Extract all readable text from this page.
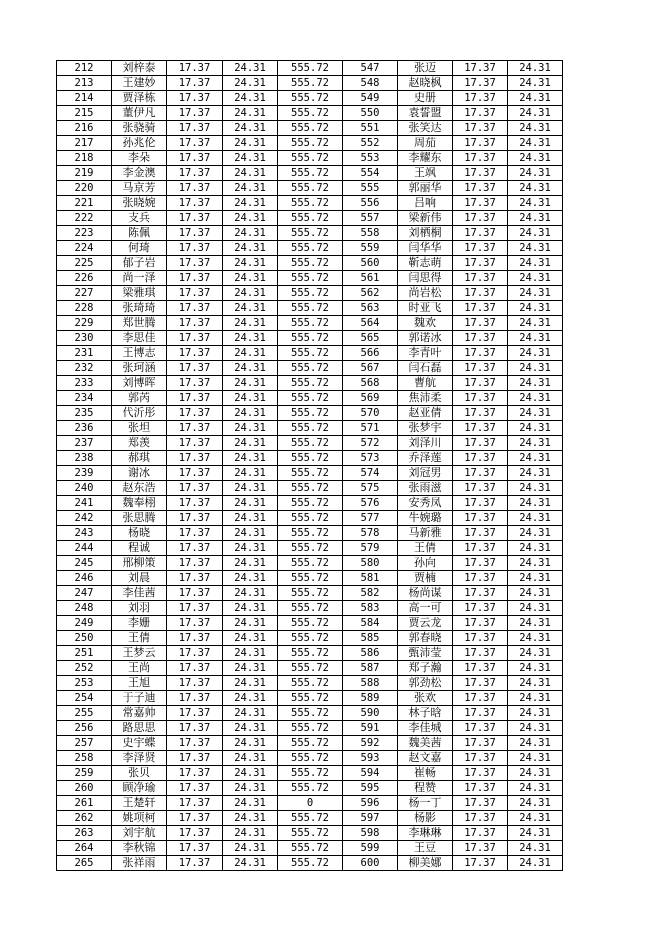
212	刘梓泰	17.37	24.31	555.72	547	张迈	17.37	24.31
213	王建妙	17.37	24.31	555.72	548	赵晓枫	17.37	24.31
214	贾泽栋	17.37	24.31	555.72	549	史册	17.37	24.31
215	董伊凡	17.37	24.31	555.72	550	袁誓盟	17.37	24.31
216	张骁骑	17.37	24.31	555.72	551	张笑达	17.37	24.31
217	孙兆伦	17.37	24.31	555.72	552	周茄	17.37	24.31
218	李朵	17.37	24.31	555.72	553	李耀东	17.37	24.31
219	李金澳	17.37	24.31	555.72	554	王飒	17.37	24.31
220	马京芳	17.37	24.31	555.72	555	郭丽华	17.37	24.31
221	张晓婉	17.37	24.31	555.72	556	吕响	17.37	24.31
222	支兵	17.37	24.31	555.72	557	梁新伟	17.37	24.31
223	陈佩	17.37	24.31	555.72	558	刘栖桐	17.37	24.31
224	何琦	17.37	24.31	555.72	559	闫华华	17.37	24.31
225	郁子岩	17.37	24.31	555.72	560	靳志萌	17.37	24.31
226	尚一泽	17.37	24.31	555.72	561	闫思得	17.37	24.31
227	梁雅琪	17.37	24.31	555.72	562	尚岩松	17.37	24.31
228	张琦琦	17.37	24.31	555.72	563	时亚飞	17.37	24.31
229	郑世腾	17.37	24.31	555.72	564	魏欢	17.37	24.31
230	李思佳	17.37	24.31	555.72	565	郭诺冰	17.37	24.31
231	王博志	17.37	24.31	555.72	566	李青叶	17.37	24.31
232	张珂涵	17.37	24.31	555.72	567	闫石磊	17.37	24.31
233	刘博晖	17.37	24.31	555.72	568	曹航	17.37	24.31
234	郭芮	17.37	24.31	555.72	569	焦沛柔	17.37	24.31
235	代沂彤	17.37	24.31	555.72	570	赵亚倩	17.37	24.31
236	张坦	17.37	24.31	555.72	571	张梦宇	17.37	24.31
237	郑羡	17.37	24.31	555.72	572	刘泽川	17.37	24.31
238	郝琪	17.37	24.31	555.72	573	乔泽莲	17.37	24.31
239	谢冰	17.37	24.31	555.72	574	刘冠男	17.37	24.31
240	赵东浩	17.37	24.31	555.72	575	张雨滋	17.37	24.31
241	魏奉栩	17.37	24.31	555.72	576	安秀凤	17.37	24.31
242	张思腾	17.37	24.31	555.72	577	牛婉璐	17.37	24.31
243	杨晓	17.37	24.31	555.72	578	马新雅	17.37	24.31
244	程诚	17.37	24.31	555.72	579	王倩	17.37	24.31
245	邢柳策	17.37	24.31	555.72	580	孙向	17.37	24.31
246	刘晨	17.37	24.31	555.72	581	贾楠	17.37	24.31
247	李佳茜	17.37	24.31	555.72	582	杨尚谋	17.37	24.31
248	刘羽	17.37	24.31	555.72	583	高一可	17.37	24.31
249	李姗	17.37	24.31	555.72	584	贾云龙	17.37	24.31
250	王倩	17.37	24.31	555.72	585	郭春晓	17.37	24.31
251	王梦云	17.37	24.31	555.72	586	甄沛莹	17.37	24.31
252	王尚	17.37	24.31	555.72	587	郑子瀚	17.37	24.31
253	王旭	17.37	24.31	555.72	588	郭劲松	17.37	24.31
254	于子迪	17.37	24.31	555.72	589	张欢	17.37	24.31
255	常嘉帅	17.37	24.31	555.72	590	林子晗	17.37	24.31
256	路思思	17.37	24.31	555.72	591	李佳城	17.37	24.31
257	史宇蝶	17.37	24.31	555.72	592	魏美茜	17.37	24.31
258	李泽贤	17.37	24.31	555.72	593	赵文嘉	17.37	24.31
259	张贝	17.37	24.31	555.72	594	崔畅	17.37	24.31
260	顾净瑜	17.37	24.31	555.72	595	程赞	17.37	24.31
261	王楚轩	17.37	24.31	0	596	杨一丁	17.37	24.31
262	姚项柯	17.37	24.31	555.72	597	杨影	17.37	24.31
263	刘宇航	17.37	24.31	555.72	598	李琳琳	17.37	24.31
264	李秋锦	17.37	24.31	555.72	599	王豆	17.37	24.31
265	张祥雨	17.37	24.31	555.72	600	柳美娜	17.37	24.31
